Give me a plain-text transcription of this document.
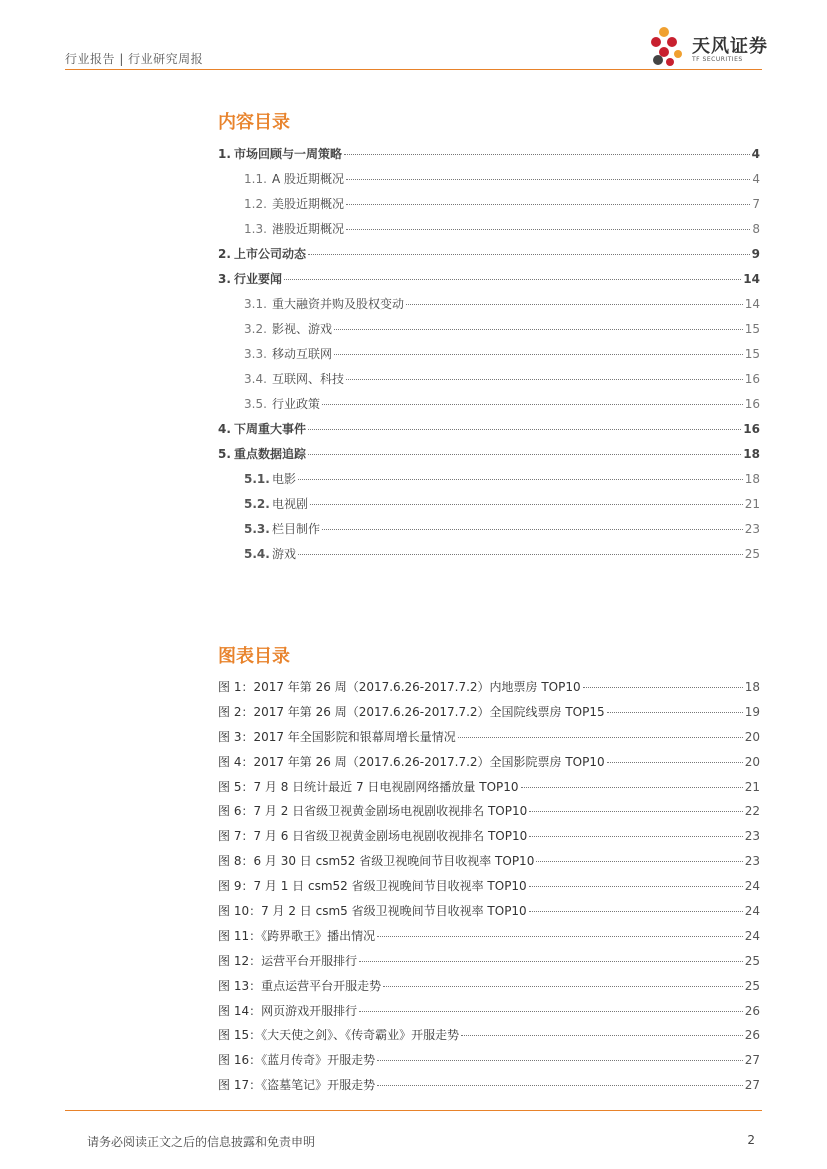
行业报告 | 行业研究周报
天风证券
TF SECURITIES
内容目录
1. 市场回顾与一周策略	4
1.1. A 股近期概况	4
1.2. 美股近期概况	7
1.3. 港股近期概况	8
2. 上市公司动态	9
3. 行业要闻	14
3.1. 重大融资并购及股权变动	14
3.2. 影视、游戏	15
3.3. 移动互联网	15
3.4. 互联网、科技	16
3.5. 行业政策	16
4. 下周重大事件	16
5. 重点数据追踪	18
5.1. 电影	18
5.2. 电视剧	21
5.3. 栏目制作	23
5.4. 游戏	25
图表目录
图 1：2017 年第 26 周（2017.6.26-2017.7.2）内地票房 TOP10	18
图 2：2017 年第 26 周（2017.6.26-2017.7.2）全国院线票房 TOP15	19
图 3：2017 年全国影院和银幕周增长量情况	20
图 4：2017 年第 26 周（2017.6.26-2017.7.2）全国影院票房 TOP10	20
图 5：7 月 8 日统计最近 7 日电视剧网络播放量 TOP10	21
图 6：7 月 2 日省级卫视黄金剧场电视剧收视排名 TOP10	22
图 7：7 月 6 日省级卫视黄金剧场电视剧收视排名 TOP10	23
图 8：6 月 30 日 csm52 省级卫视晚间节目收视率 TOP10	23
图 9：7 月 1 日 csm52 省级卫视晚间节目收视率 TOP10	24
图 10：7 月 2 日 csm5 省级卫视晚间节目收视率 TOP10	24
图 11：《跨界歌王》播出情况	24
图 12：运营平台开服排行	25
图 13：重点运营平台开服走势	25
图 14：网页游戏开服排行	26
图 15：《大天使之剑》、《传奇霸业》开服走势	26
图 16：《蓝月传奇》开服走势	27
图 17：《盗墓笔记》开服走势	27
请务必阅读正文之后的信息披露和免责申明	2
